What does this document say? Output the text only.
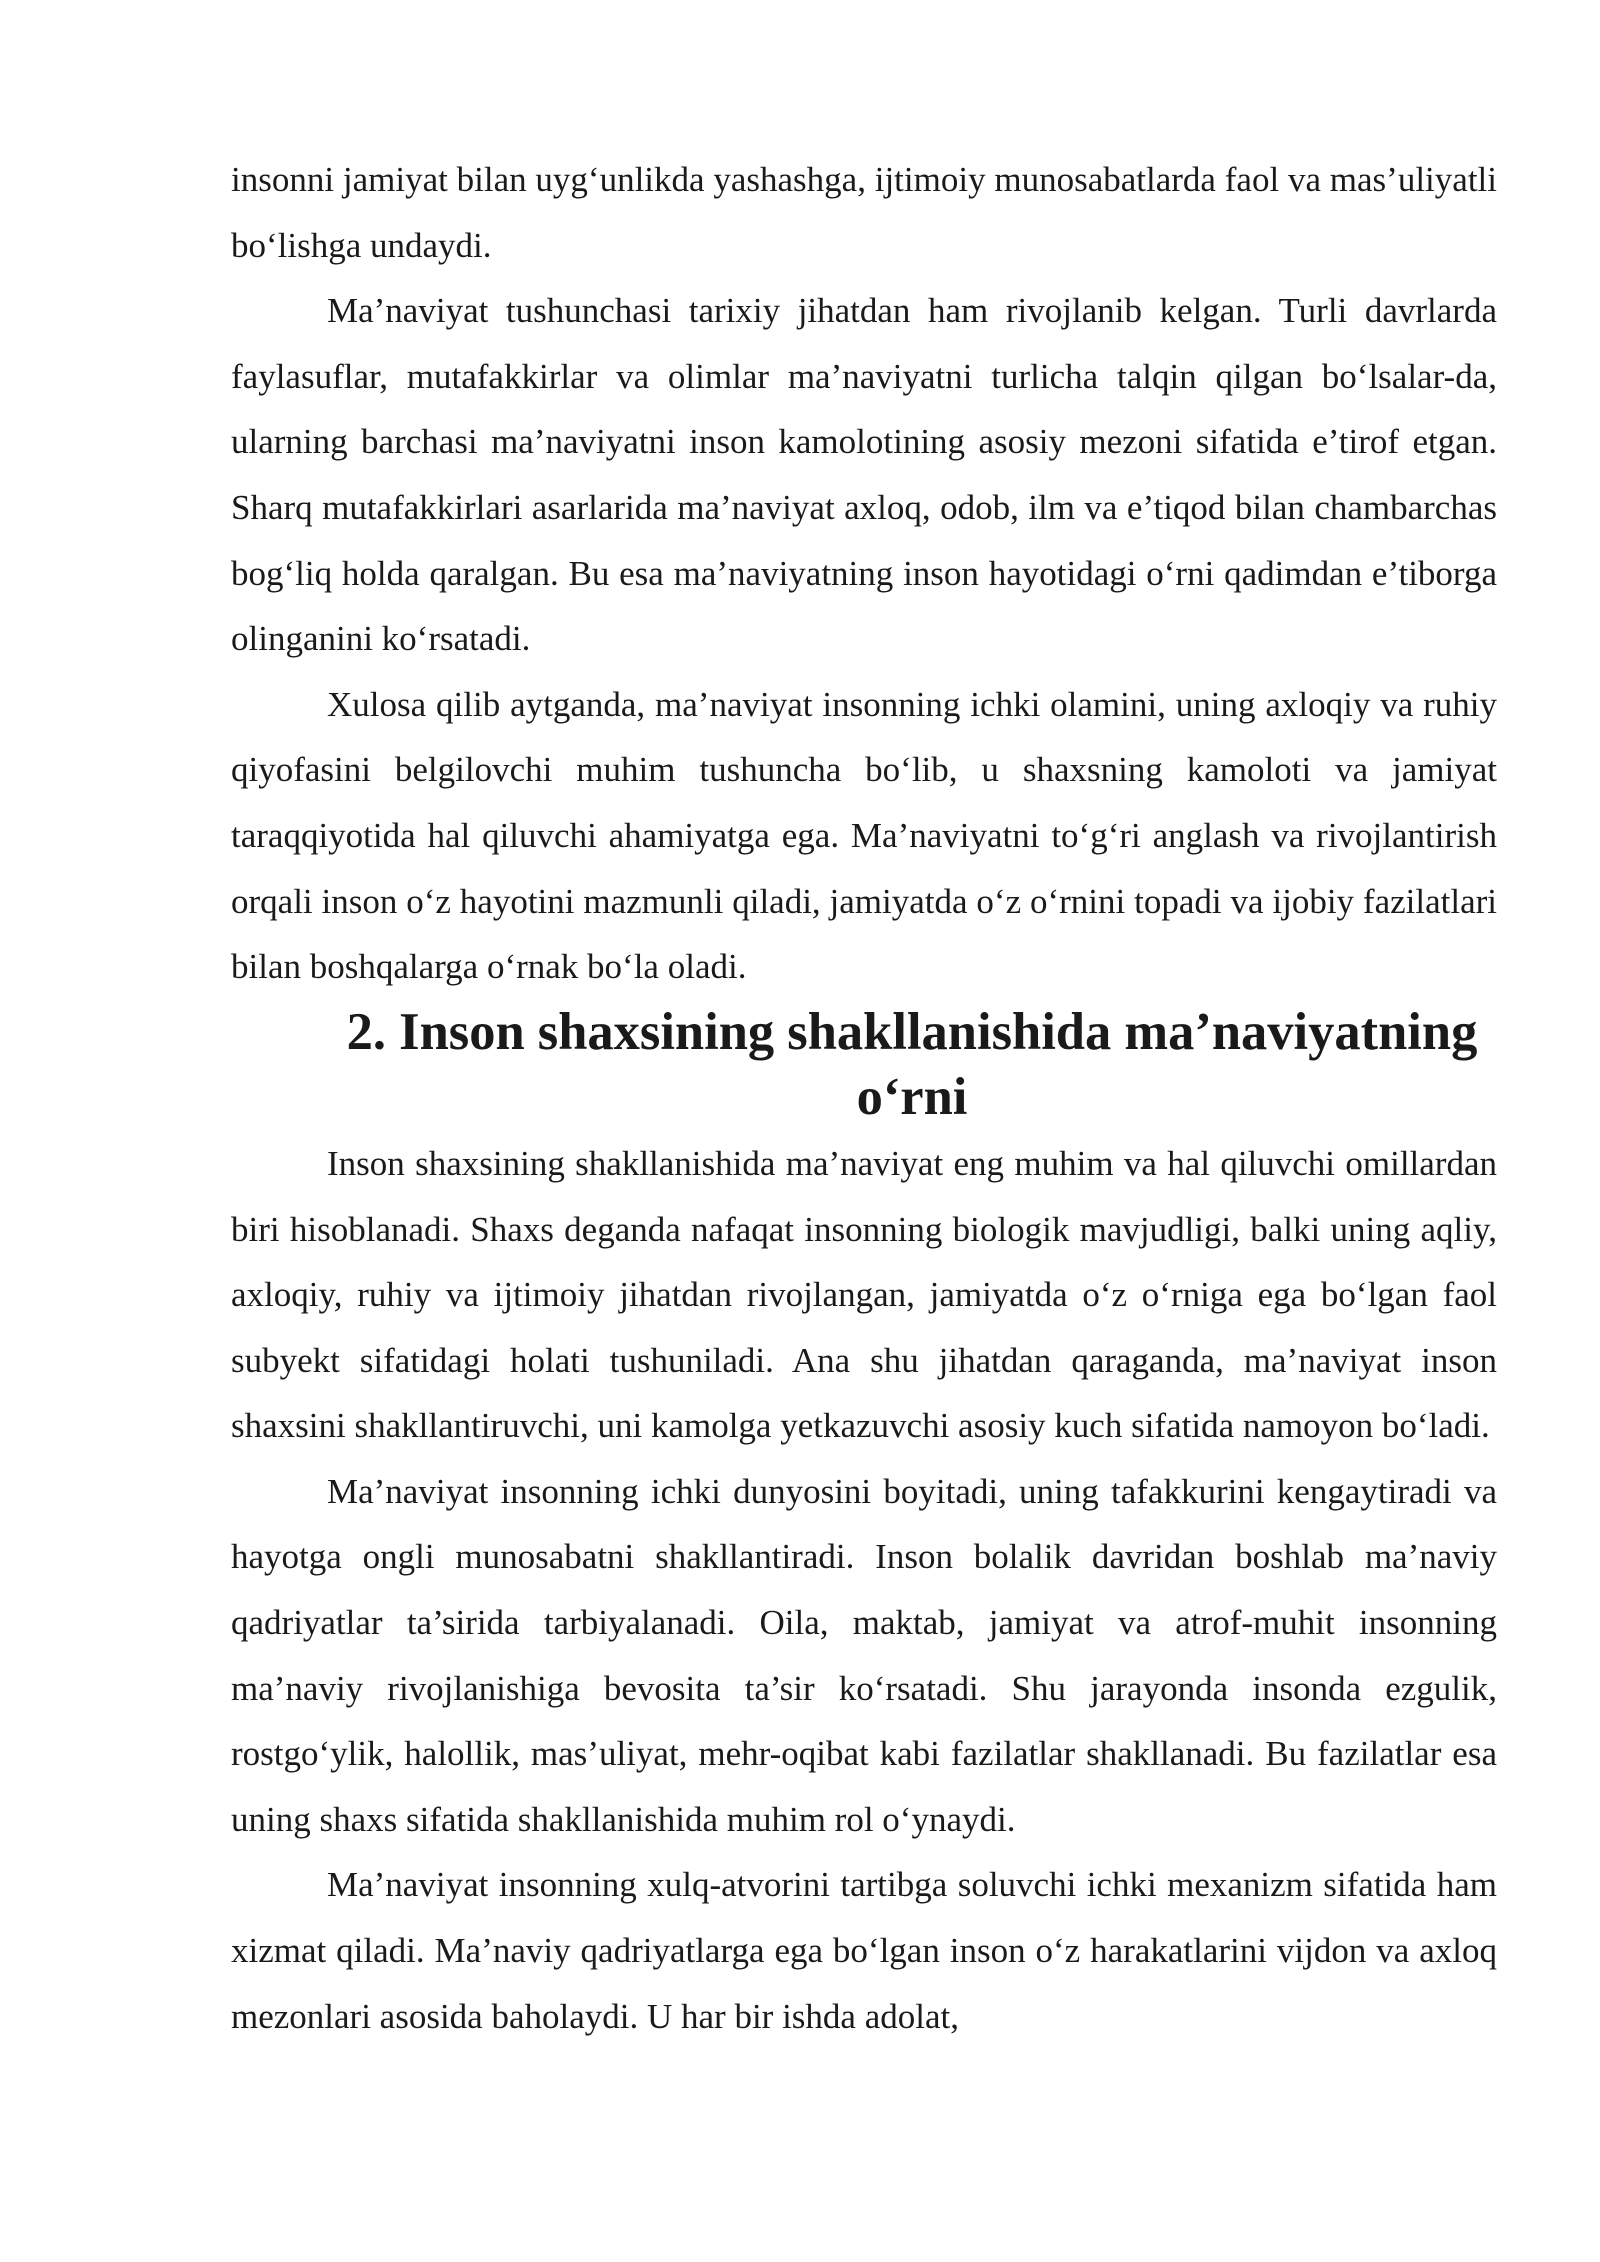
insonni jamiyat bilan uyg‘unlikda yashashga, ijtimoiy munosabatlarda faol va mas’uliyatli bo‘lishga undaydi.

Ma’naviyat tushunchasi tarixiy jihatdan ham rivojlanib kelgan. Turli davrlarda faylasuflar, mutafakkirlar va olimlar ma’naviyatni turlicha talqin qilgan bo‘lsalar-da, ularning barchasi ma’naviyatni inson kamolotining asosiy mezoni sifatida e’tirof etgan. Sharq mutafakkirlari asarlarida ma’naviyat axloq, odob, ilm va e’tiqod bilan chambarchas bog‘liq holda qaralgan. Bu esa ma’naviyatning inson hayotidagi o‘rni qadimdan e’tiborga olinganini ko‘rsatadi.

Xulosa qilib aytganda, ma’naviyat insonning ichki olamini, uning axloqiy va ruhiy qiyofasini belgilovchi muhim tushuncha bo‘lib, u shaxsning kamoloti va jamiyat taraqqiyotida hal qiluvchi ahamiyatga ega. Ma’naviyatni to‘g‘ri anglash va rivojlantirish orqali inson o‘z hayotini mazmunli qiladi, jamiyatda o‘z o‘rnini topadi va ijobiy fazilatlari bilan boshqalarga o‘rnak bo‘la oladi.

2. Inson shaxsining shakllanishida ma’naviyatning o‘rni

Inson shaxsining shakllanishida ma’naviyat eng muhim va hal qiluvchi omillardan biri hisoblanadi. Shaxs deganda nafaqat insonning biologik mavjudligi, balki uning aqliy, axloqiy, ruhiy va ijtimoiy jihatdan rivojlangan, jamiyatda o‘z o‘rniga ega bo‘lgan faol subyekt sifatidagi holati tushuniladi. Ana shu jihatdan qaraganda, ma’naviyat inson shaxsini shakllantiruvchi, uni kamolga yetkazuvchi asosiy kuch sifatida namoyon bo‘ladi.

Ma’naviyat insonning ichki dunyosini boyitadi, uning tafakkurini kengaytiradi va hayotga ongli munosabatni shakllantiradi. Inson bolalik davridan boshlab ma’naviy qadriyatlar ta’sirida tarbiyalanadi. Oila, maktab, jamiyat va atrof-muhit insonning ma’naviy rivojlanishiga bevosita ta’sir ko‘rsatadi. Shu jarayonda insonda ezgulik, rostgo‘ylik, halollik, mas’uliyat, mehr-oqibat kabi fazilatlar shakllanadi. Bu fazilatlar esa uning shaxs sifatida shakllanishida muhim rol o‘ynaydi.

Ma’naviyat insonning xulq-atvorini tartibga soluvchi ichki mexanizm sifatida ham xizmat qiladi. Ma’naviy qadriyatlarga ega bo‘lgan inson o‘z harakatlarini vijdon va axloq mezonlari asosida baholaydi. U har bir ishda adolat,
